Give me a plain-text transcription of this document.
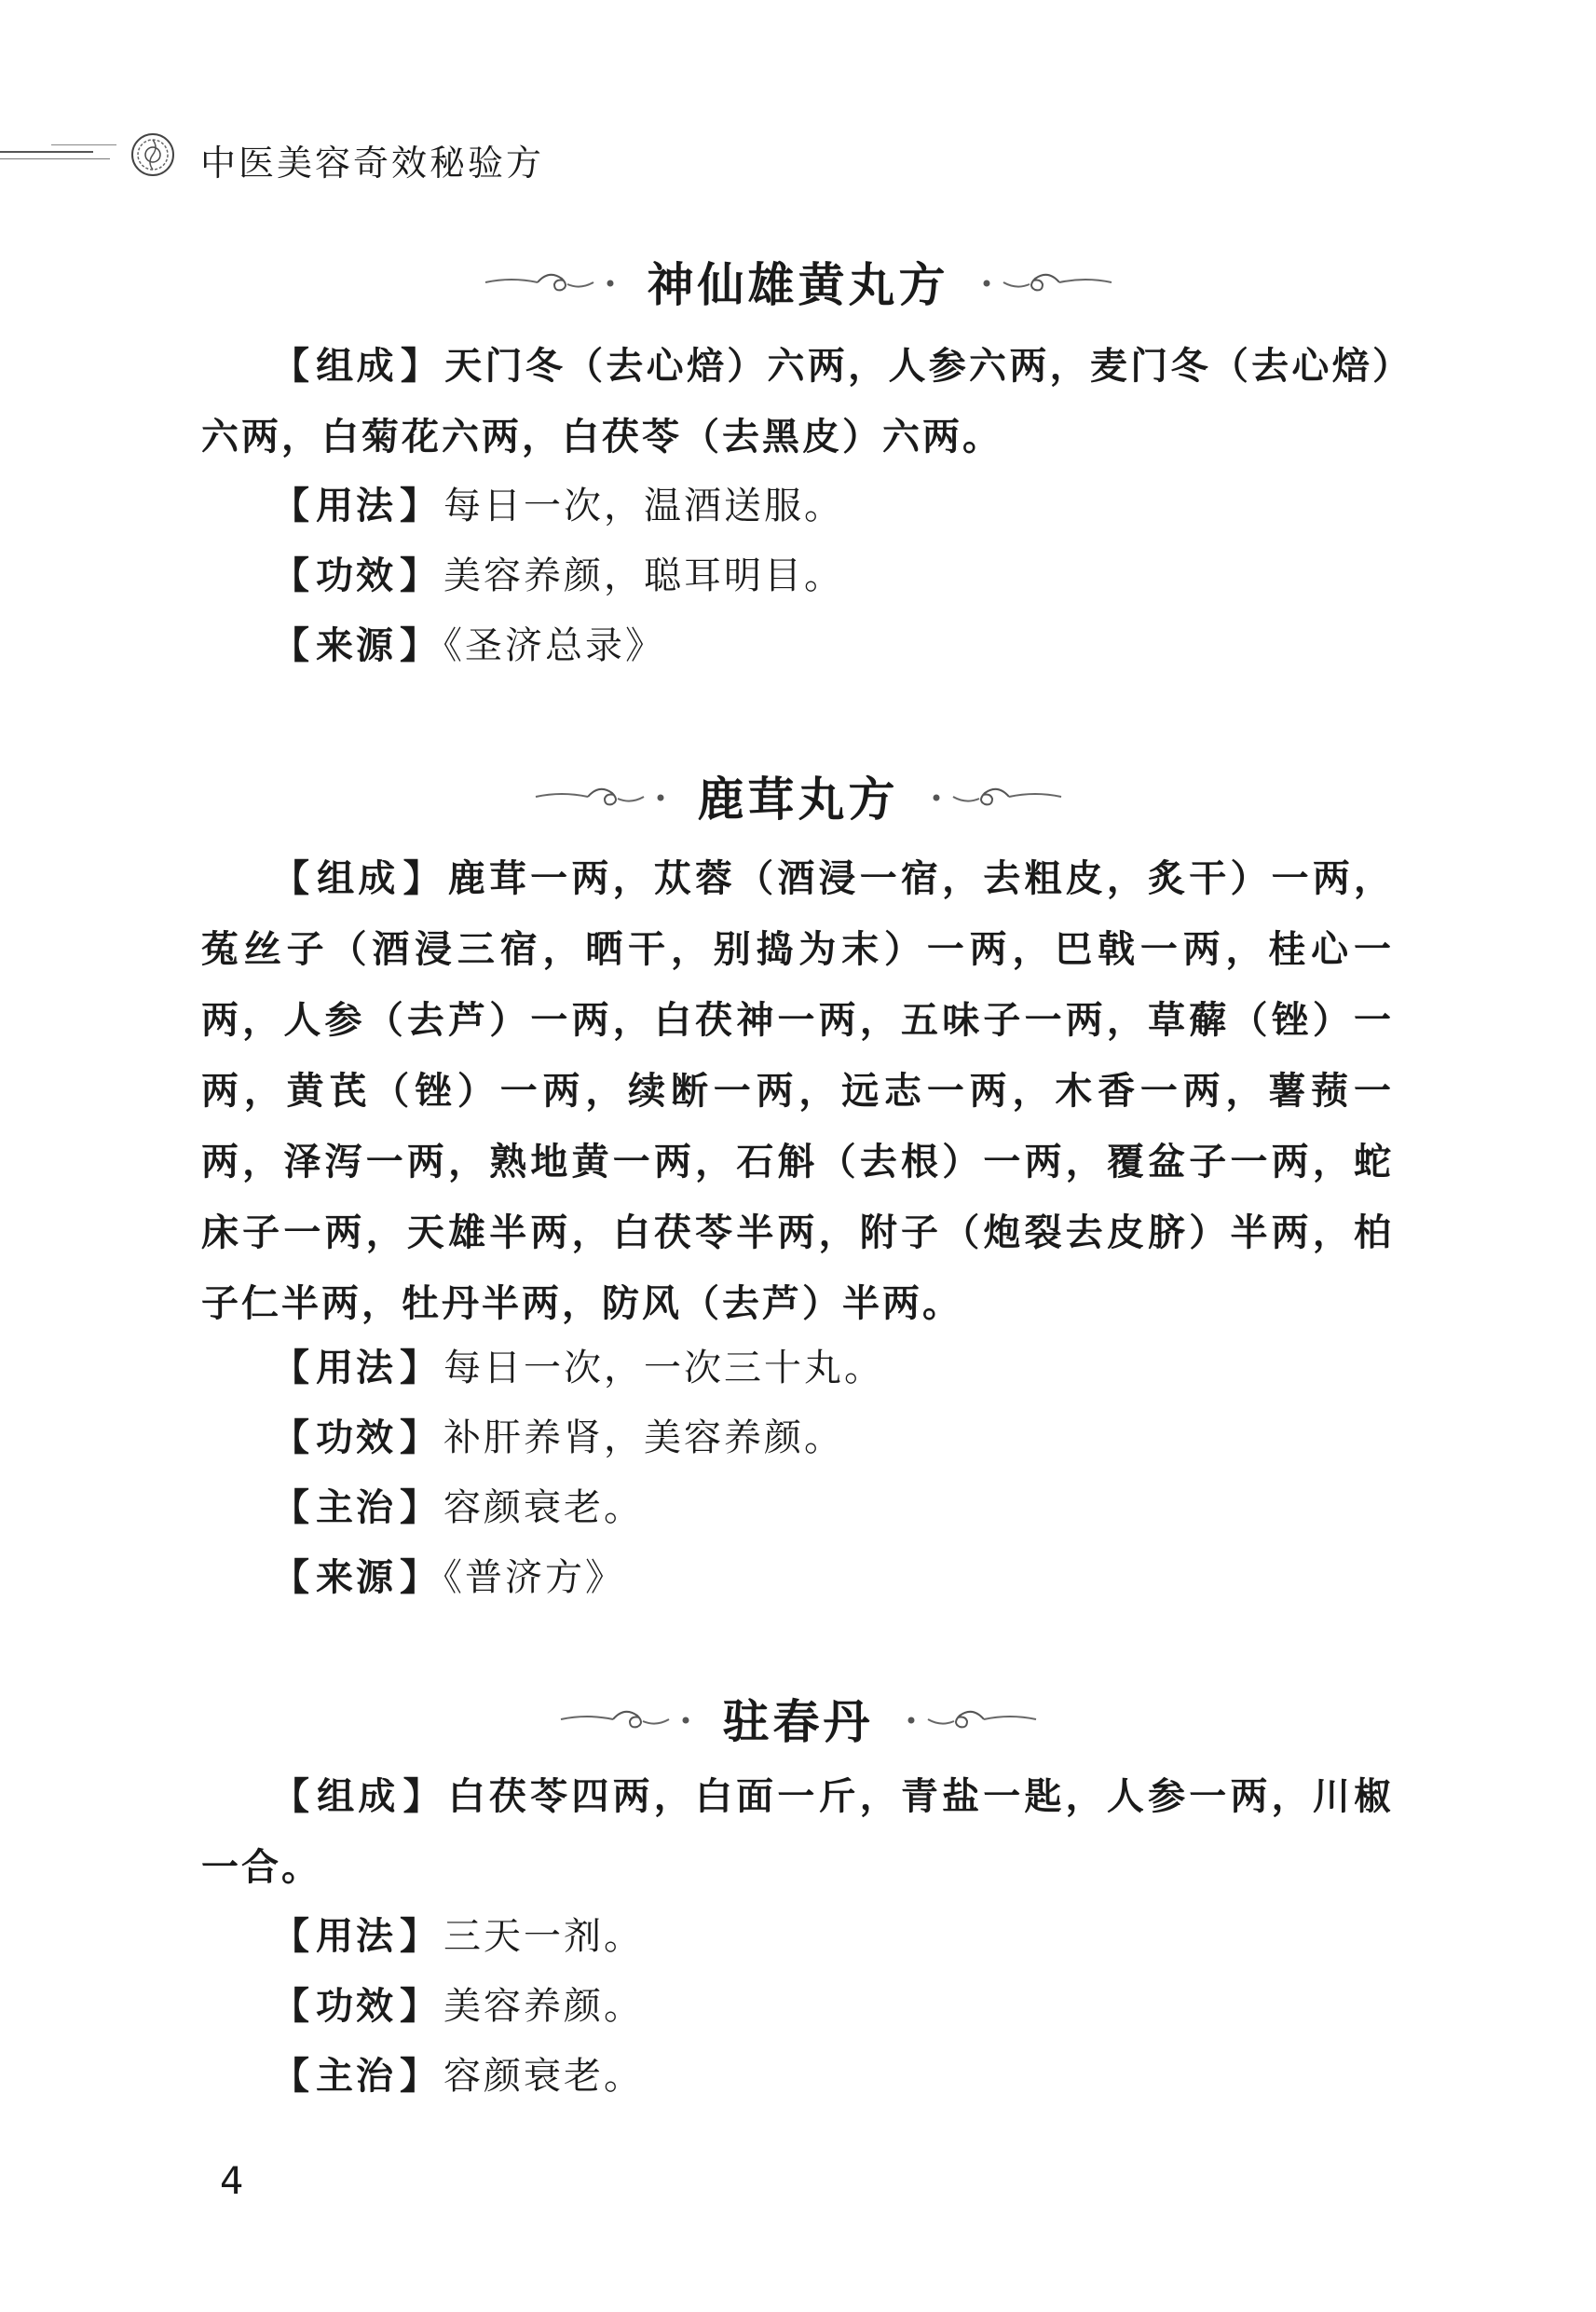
中医美容奇效秘验方
神仙雄黄丸方

【 组成 】 天门冬（去心焙）六两，人参六两，麦门冬（去心焙）六两，白菊花六两，白茯苓（去黑皮）六两。

【 用法 】 每日一次，温酒送服。

【 功效 】 美容养颜，聪耳明目。

【 来源 】 《圣济总录》

鹿茸丸方

【 组成 】 鹿茸一两，苁蓉（酒浸一宿，去粗皮，炙干）一两，菟丝子（酒浸三宿，晒干，别捣为末）一两，巴戟一两，桂心一两，人参（去芦）一两，白茯神一两，五味子一两，草薢（锉）一两，黄芪（锉）一两，续断一两，远志一两，木香一两，薯蓣一两，泽泻一两，熟地黄一两，石斛（去根）一两，覆盆子一两，蛇床子一两，天雄半两，白茯苓半两，附子（炮裂去皮脐）半两，柏子仁半两，牡丹半两，防风（去芦）半两。

【 用法 】 每日一次，一次三十丸。

【 功效 】 补肝养肾，美容养颜。

【 主治 】 容颜衰老。

【 来源 】 《普济方》

驻春丹

【 组成 】 白茯苓四两，白面一斤，青盐一匙，人参一两，川椒一合。

【 用法 】 三天一剂。

【 功效 】 美容养颜。

【 主治 】 容颜衰老。

4
